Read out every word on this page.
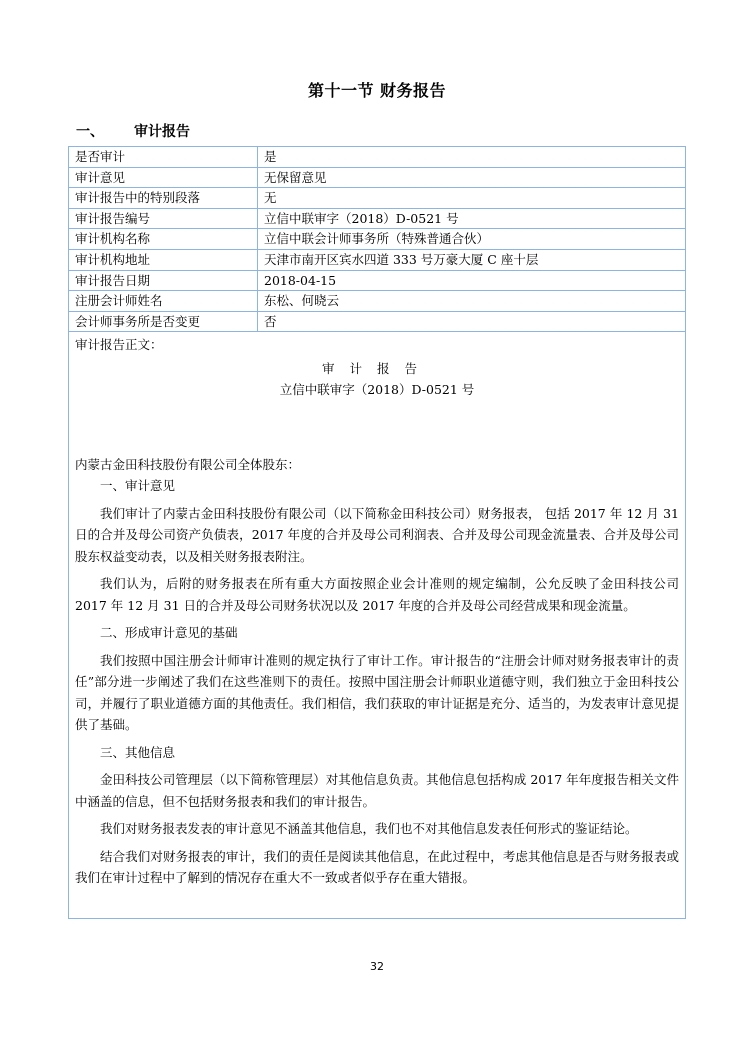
第十一节 财务报告
一、 审计报告
是否审计	是
审计意见	无保留意见
审计报告中的特别段落	无
审计报告编号	立信中联审字（2018）D-0521 号
审计机构名称	立信中联会计师事务所（特殊普通合伙）
审计机构地址	天津市南开区宾水四道 333 号万豪大厦 C 座十层
审计报告日期	2018-04-15
注册会计师姓名	东松、何晓云
会计师事务所是否变更	否
审计报告正文：
审计报告
立信中联审字（2018）D-0521 号

内蒙古金田科技股份有限公司全体股东：

一、审计意见

我们审计了内蒙古金田科技股份有限公司（以下简称金田科技公司）财务报表， 包括 2017 年 12 月 31 日的合并及母公司资产负债表，2017 年度的合并及母公司利润表、合并及母公司现金流量表、合并及母公司股东权益变动表，以及相关财务报表附注。

我们认为，后附的财务报表在所有重大方面按照企业会计准则的规定编制，公允反映了金田科技公司 2017 年 12 月 31 日的合并及母公司财务状况以及 2017 年度的合并及母公司经营成果和现金流量。

二、形成审计意见的基础

我们按照中国注册会计师审计准则的规定执行了审计工作。审计报告的“注册会计师对财务报表审计的责任”部分进一步阐述了我们在这些准则下的责任。按照中国注册会计师职业道德守则，我们独立于金田科技公司，并履行了职业道德方面的其他责任。我们相信，我们获取的审计证据是充分、适当的，为发表审计意见提供了基础。

三、其他信息

金田科技公司管理层（以下简称管理层）对其他信息负责。其他信息包括构成 2017 年年度报告相关文件中涵盖的信息，但不包括财务报表和我们的审计报告。

我们对财务报表发表的审计意见不涵盖其他信息，我们也不对其他信息发表任何形式的鉴证结论。

结合我们对财务报表的审计，我们的责任是阅读其他信息，在此过程中，考虑其他信息是否与财务报表或我们在审计过程中了解到的情况存在重大不一致或者似乎存在重大错报。

32
